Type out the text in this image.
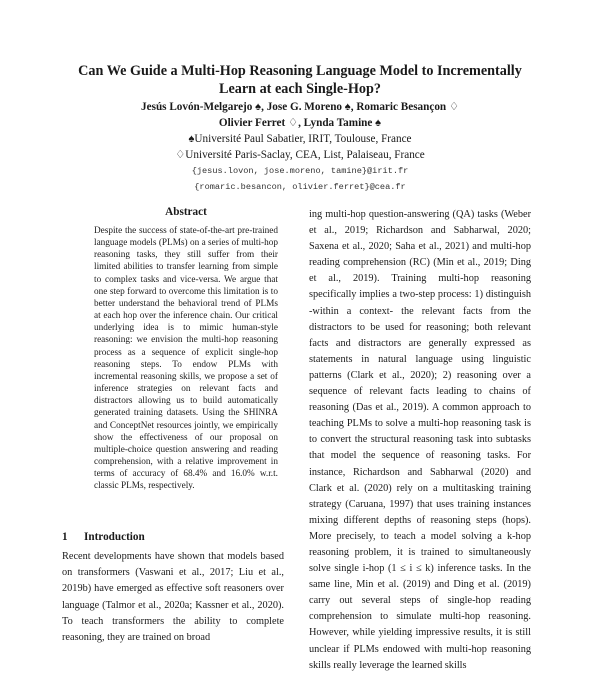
Can We Guide a Multi-Hop Reasoning Language Model to Incrementally Learn at each Single-Hop?
Jesús Lovón-Melgarejo ♠, Jose G. Moreno ♠, Romaric Besançon ♢
Olivier Ferret ♢, Lynda Tamine ♠
♠Université Paul Sabatier, IRIT, Toulouse, France
♢Université Paris-Saclay, CEA, List, Palaiseau, France
{jesus.lovon, jose.moreno, tamine}@irit.fr
{romaric.besancon, olivier.ferret}@cea.fr
Abstract

Despite the success of state-of-the-art pre-trained language models (PLMs) on a series of multi-hop reasoning tasks, they still suffer from their limited abilities to transfer learning from simple to complex tasks and vice-versa. We argue that one step forward to overcome this limitation is to better understand the behavioral trend of PLMs at each hop over the inference chain. Our critical underlying idea is to mimic human-style reasoning: we envision the multi-hop reasoning process as a sequence of explicit single-hop reasoning steps. To endow PLMs with incremental reasoning skills, we propose a set of inference strategies on relevant facts and distractors allowing us to build automatically generated training datasets. Using the SHINRA and ConceptNet resources jointly, we empirically show the effectiveness of our proposal on multiple-choice question answering and reading comprehension, with a relative improvement in terms of accuracy of 68.4% and 16.0% w.r.t. classic PLMs, respectively.

1 Introduction

Recent developments have shown that models based on transformers (Vaswani et al., 2017; Liu et al., 2019b) have emerged as effective soft reasoners over language (Talmor et al., 2020a; Kassner et al., 2020). To teach transformers the ability to complete reasoning, they are trained on broad

ing multi-hop question-answering (QA) tasks (Weber et al., 2019; Richardson and Sabharwal, 2020; Saxena et al., 2020; Saha et al., 2021) and multi-hop reading comprehension (RC) (Min et al., 2019; Ding et al., 2019). Training multi-hop reasoning specifically implies a two-step process: 1) distinguish -within a context- the relevant facts from the distractors to be used for reasoning; both relevant facts and distractors are generally expressed as statements in natural language using linguistic patterns (Clark et al., 2020); 2) reasoning over a sequence of relevant facts leading to chains of reasoning (Das et al., 2019). A common approach to teaching PLMs to solve a multi-hop reasoning task is to convert the structural reasoning task into subtasks that model the sequence of reasoning tasks. For instance, Richardson and Sabharwal (2020) and Clark et al. (2020) rely on a multitasking training strategy (Caruana, 1997) that uses training instances mixing different depths of reasoning steps (hops). More precisely, to teach a model solving a k-hop reasoning problem, it is trained to simultaneously solve single i-hop (1 ≤ i ≤ k) inference tasks. In the same line, Min et al. (2019) and Ding et al. (2019) carry out several steps of single-hop reading comprehension to simulate multi-hop reasoning. However, while yielding impressive results, it is still unclear if PLMs endowed with multi-hop reasoning skills really leverage the learned skills
